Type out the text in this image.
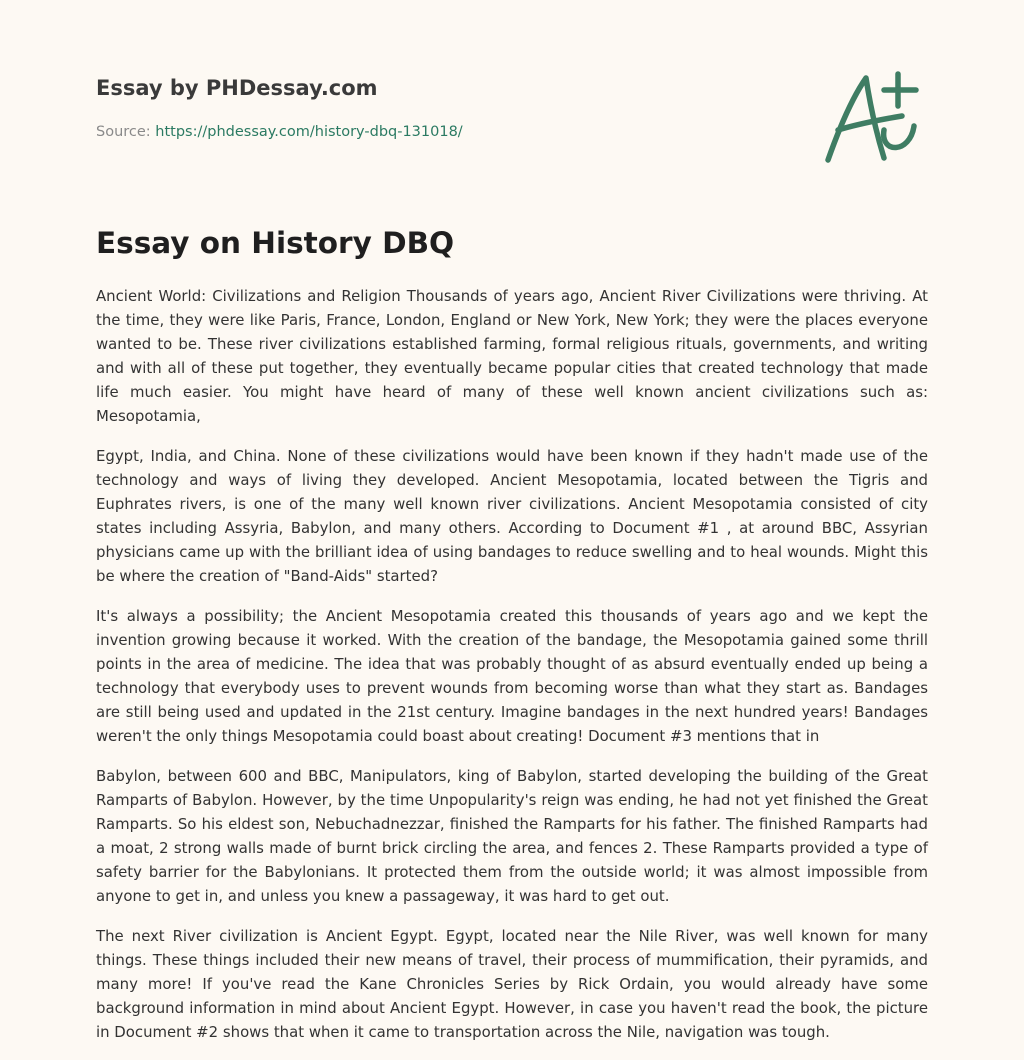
Essay by PHDessay.com
Source: https://phdessay.com/history-dbq-131018/
Essay on History DBQ

Ancient World: Civilizations and Religion Thousands of years ago, Ancient River Civilizations were thriving. At the time, they were like Paris, France, London, England or New York, New York; they were the places everyone wanted to be. These river civilizations established farming, formal religious rituals, governments, and writing and with all of these put together, they eventually became popular cities that created technology that made life much easier. You might have heard of many of these well known ancient civilizations such as: Mesopotamia,

Egypt, India, and China. None of these civilizations would have been known if they hadn't made use of the technology and ways of living they developed. Ancient Mesopotamia, located between the Tigris and Euphrates rivers, is one of the many well known river civilizations. Ancient Mesopotamia consisted of city states including Assyria, Babylon, and many others. According to Document #1 , at around BBC, Assyrian physicians came up with the brilliant idea of using bandages to reduce swelling and to heal wounds. Might this be where the creation of "Band-Aids" started?

It's always a possibility; the Ancient Mesopotamia created this thousands of years ago and we kept the invention growing because it worked. With the creation of the bandage, the Mesopotamia gained some thrill points in the area of medicine. The idea that was probably thought of as absurd eventually ended up being a technology that everybody uses to prevent wounds from becoming worse than what they start as. Bandages are still being used and updated in the 21st century. Imagine bandages in the next hundred years! Bandages weren't the only things Mesopotamia could boast about creating! Document #3 mentions that in

Babylon, between 600 and BBC, Manipulators, king of Babylon, started developing the building of the Great Ramparts of Babylon. However, by the time Unpopularity's reign was ending, he had not yet finished the Great Ramparts. So his eldest son, Nebuchadnezzar, finished the Ramparts for his father. The finished Ramparts had a moat, 2 strong walls made of burnt brick circling the area, and fences 2. These Ramparts provided a type of safety barrier for the Babylonians. It protected them from the outside world; it was almost impossible from anyone to get in, and unless you knew a passageway, it was hard to get out.

The next River civilization is Ancient Egypt. Egypt, located near the Nile River, was well known for many things. These things included their new means of travel, their process of mummification, their pyramids, and many more! If you've read the Kane Chronicles Series by Rick Ordain, you would already have some background information in mind about Ancient Egypt. However, in case you haven't read the book, the picture in Document #2 shows that when it came to transportation across the Nile, navigation was tough.
